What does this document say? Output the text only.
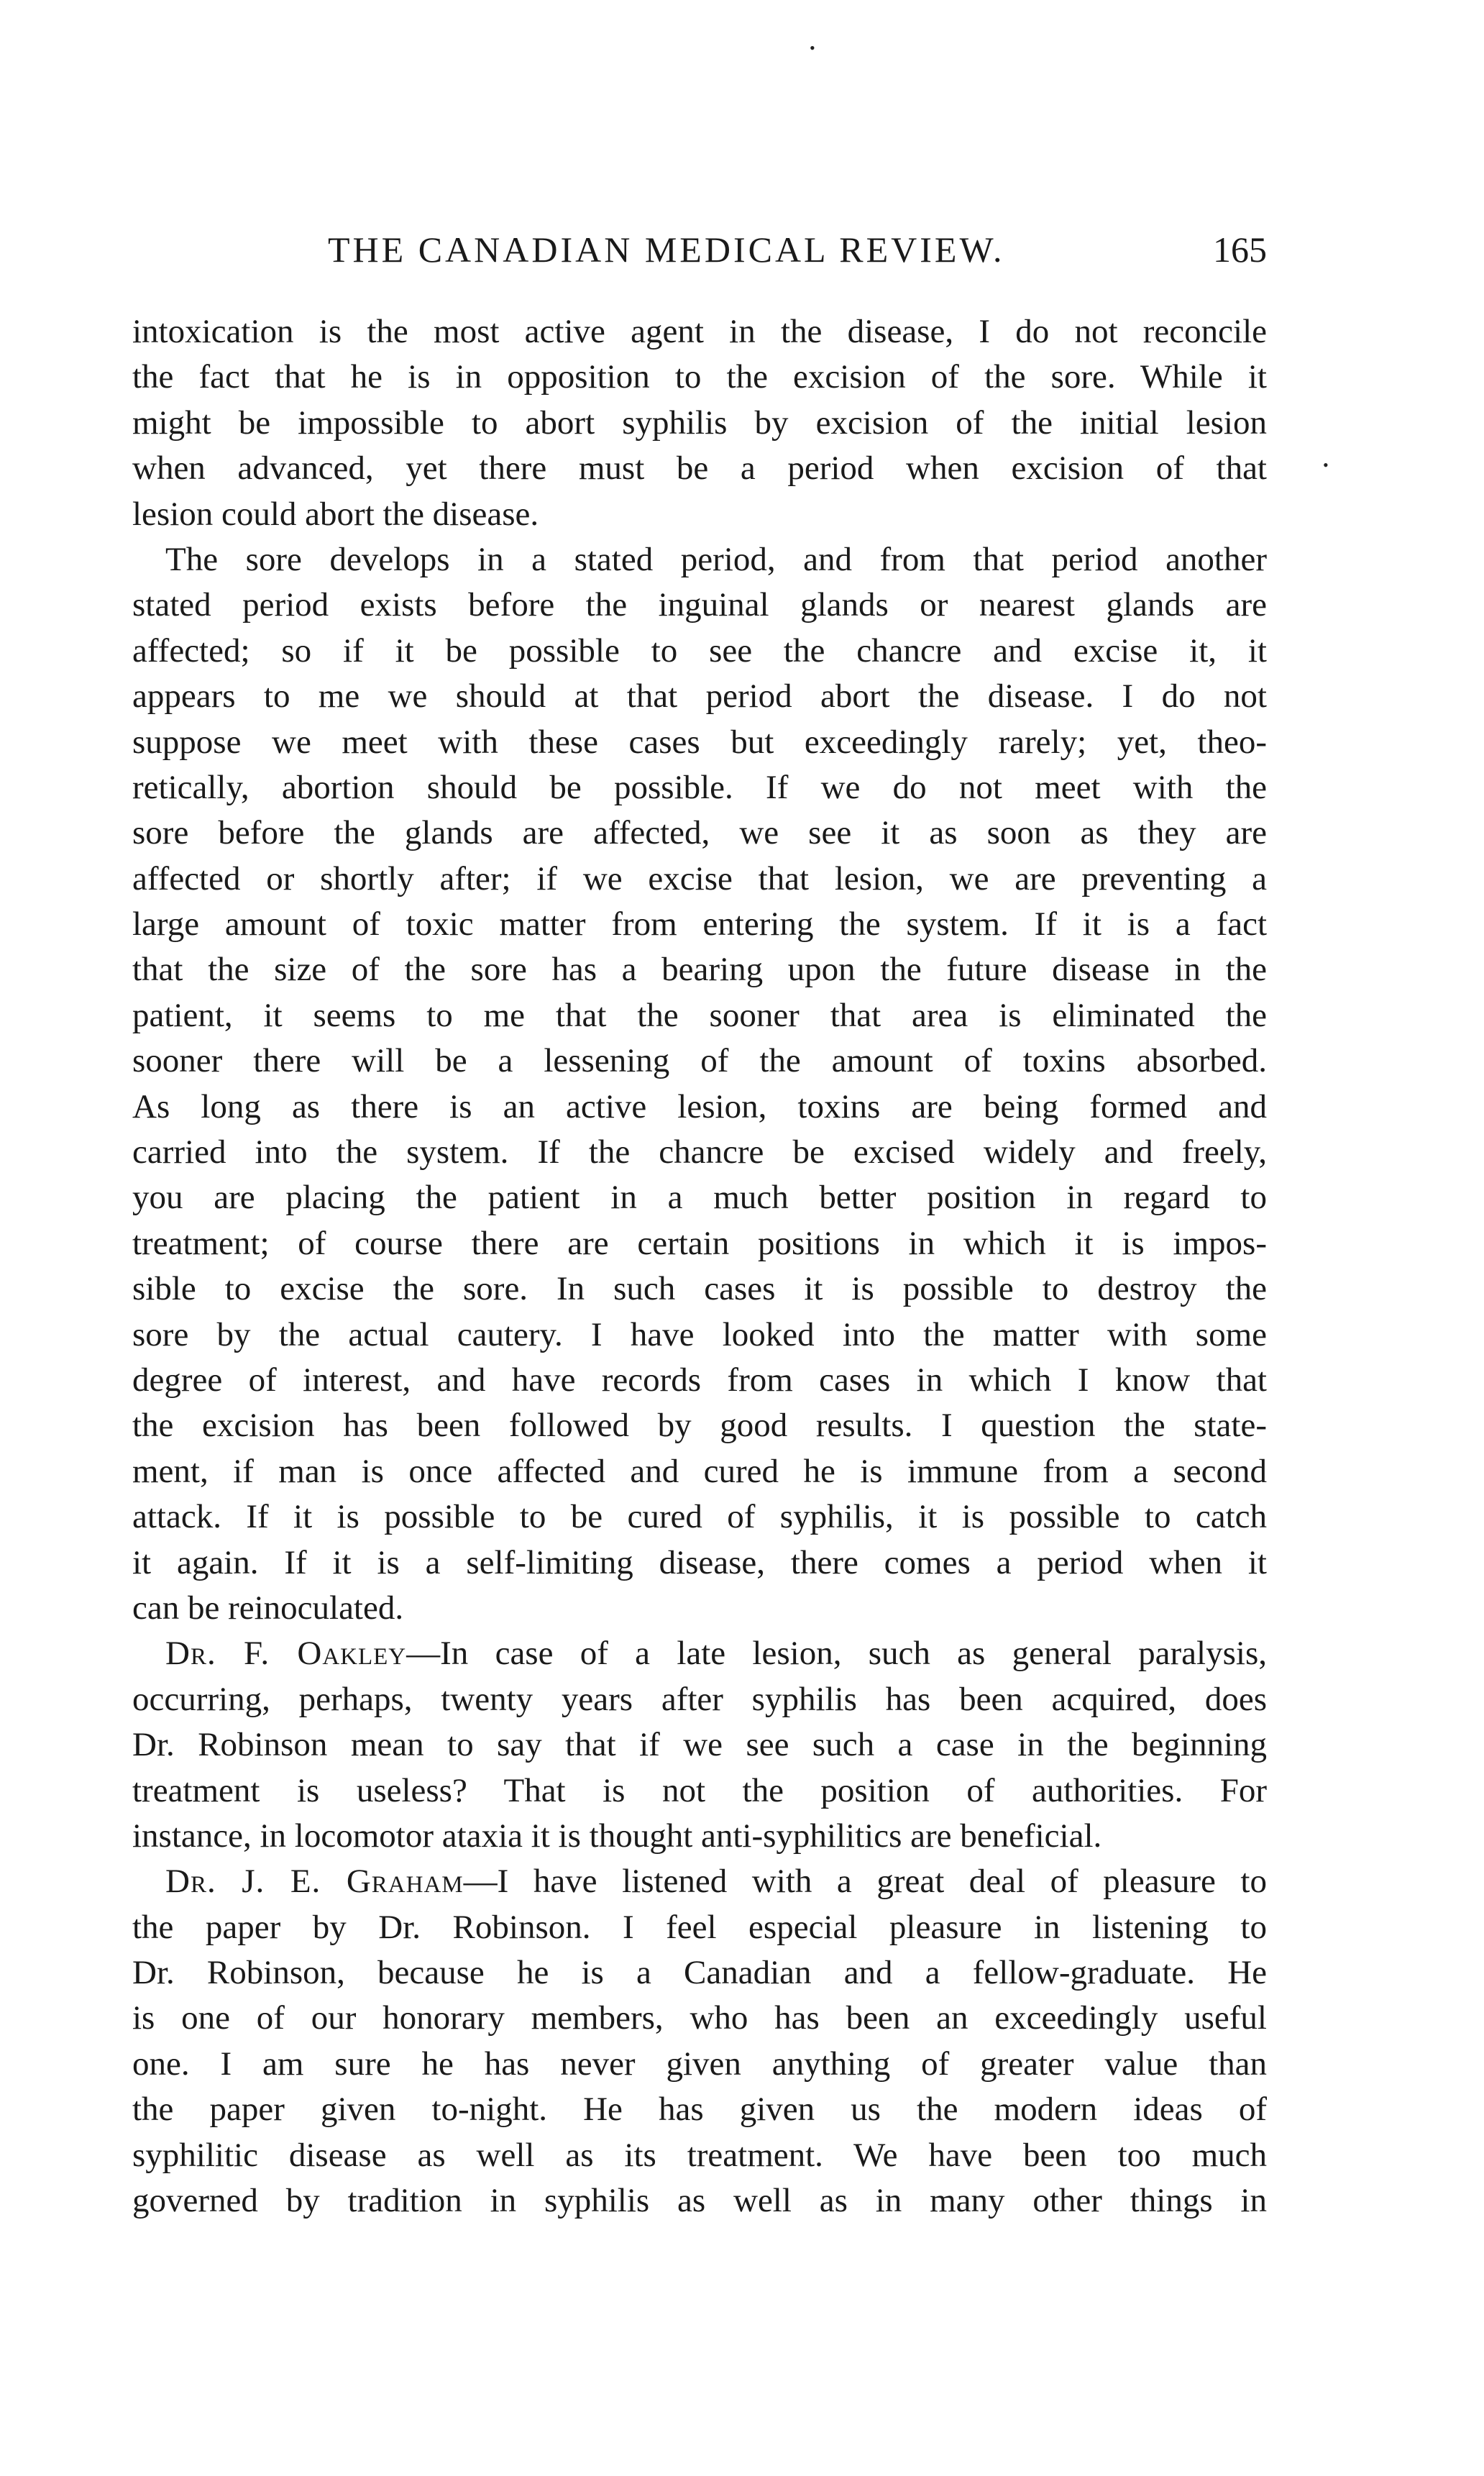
•
•
THE CANADIAN MEDICAL REVIEW.	165
intoxication is the most active agent in the disease, I do not reconcile
the fact that he is in opposition to the excision of the sore. While it
might be impossible to abort syphilis by excision of the initial lesion
when advanced, yet there must be a period when excision of that
lesion could abort the disease.
The sore develops in a stated period, and from that period another
stated period exists before the inguinal glands or nearest glands are
affected; so if it be possible to see the chancre and excise it, it
appears to me we should at that period abort the disease. I do not
suppose we meet with these cases but exceedingly rarely; yet, theo-
retically, abortion should be possible. If we do not meet with the
sore before the glands are affected, we see it as soon as they are
affected or shortly after; if we excise that lesion, we are preventing a
large amount of toxic matter from entering the system. If it is a fact
that the size of the sore has a bearing upon the future disease in the
patient, it seems to me that the sooner that area is eliminated the
sooner there will be a lessening of the amount of toxins absorbed.
As long as there is an active lesion, toxins are being formed and
carried into the system. If the chancre be excised widely and freely,
you are placing the patient in a much better position in regard to
treatment; of course there are certain positions in which it is impos-
sible to excise the sore. In such cases it is possible to destroy the
sore by the actual cautery. I have looked into the matter with some
degree of interest, and have records from cases in which I know that
the excision has been followed by good results. I question the state-
ment, if man is once affected and cured he is immune from a second
attack. If it is possible to be cured of syphilis, it is possible to catch
it again. If it is a self-limiting disease, there comes a period when it
can be reinoculated.
Dr. F. Oakley—In case of a late lesion, such as general paralysis,
occurring, perhaps, twenty years after syphilis has been acquired, does
Dr. Robinson mean to say that if we see such a case in the beginning
treatment is useless? That is not the position of authorities. For
instance, in locomotor ataxia it is thought anti-syphilitics are beneficial.
Dr. J. E. Graham—I have listened with a great deal of pleasure to
the paper by Dr. Robinson. I feel especial pleasure in listening to
Dr. Robinson, because he is a Canadian and a fellow-graduate. He
is one of our honorary members, who has been an exceedingly useful
one. I am sure he has never given anything of greater value than
the paper given to-night. He has given us the modern ideas of
syphilitic disease as well as its treatment. We have been too much
governed by tradition in syphilis as well as in many other things in
